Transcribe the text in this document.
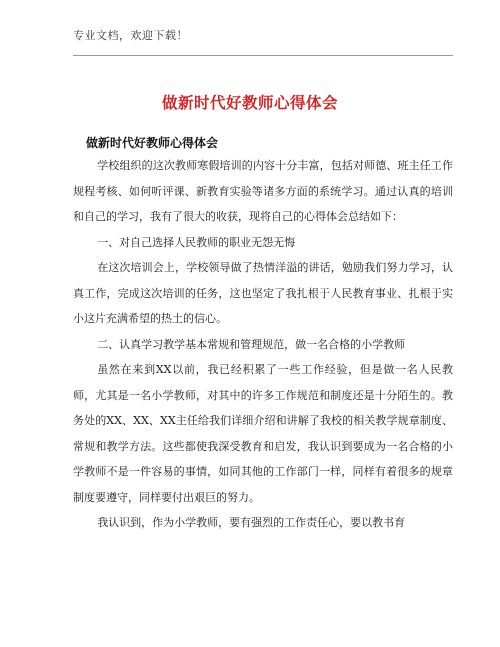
专业文档，欢迎下载！
做新时代好教师心得体会
做新时代好教师心得体会

学校组织的这次教师寒假培训的内容十分丰富，包括对师德、班主任工作规程考核、如何听评课、新教育实验等诸多方面的系统学习。通过认真的培训和自己的学习，我有了很大的收获，现将自己的心得体会总结如下：

一、对自己选择人民教师的职业无怨无悔

在这次培训会上，学校领导做了热情洋溢的讲话，勉励我们努力学习，认真工作，完成这次培训的任务，这也坚定了我扎根于人民教育事业、扎根于实小这片充满希望的热土的信心。

二、认真学习教学基本常规和管理规范，做一名合格的小学教师

虽然在来到XX以前，我已经积累了一些工作经验，但是做一名人民教师，尤其是一名小学教师，对其中的许多工作规范和制度还是十分陌生的。教务处的XX、XX、XX主任给我们详细介绍和讲解了我校的相关教学规章制度、常规和教学方法。这些都使我深受教育和启发，我认识到要成为一名合格的小学教师不是一件容易的事情，如同其他的工作部门一样，同样有着很多的规章制度要遵守，同样要付出艰巨的努力。

我认识到，作为小学教师，要有强烈的工作责任心，要以教书育
